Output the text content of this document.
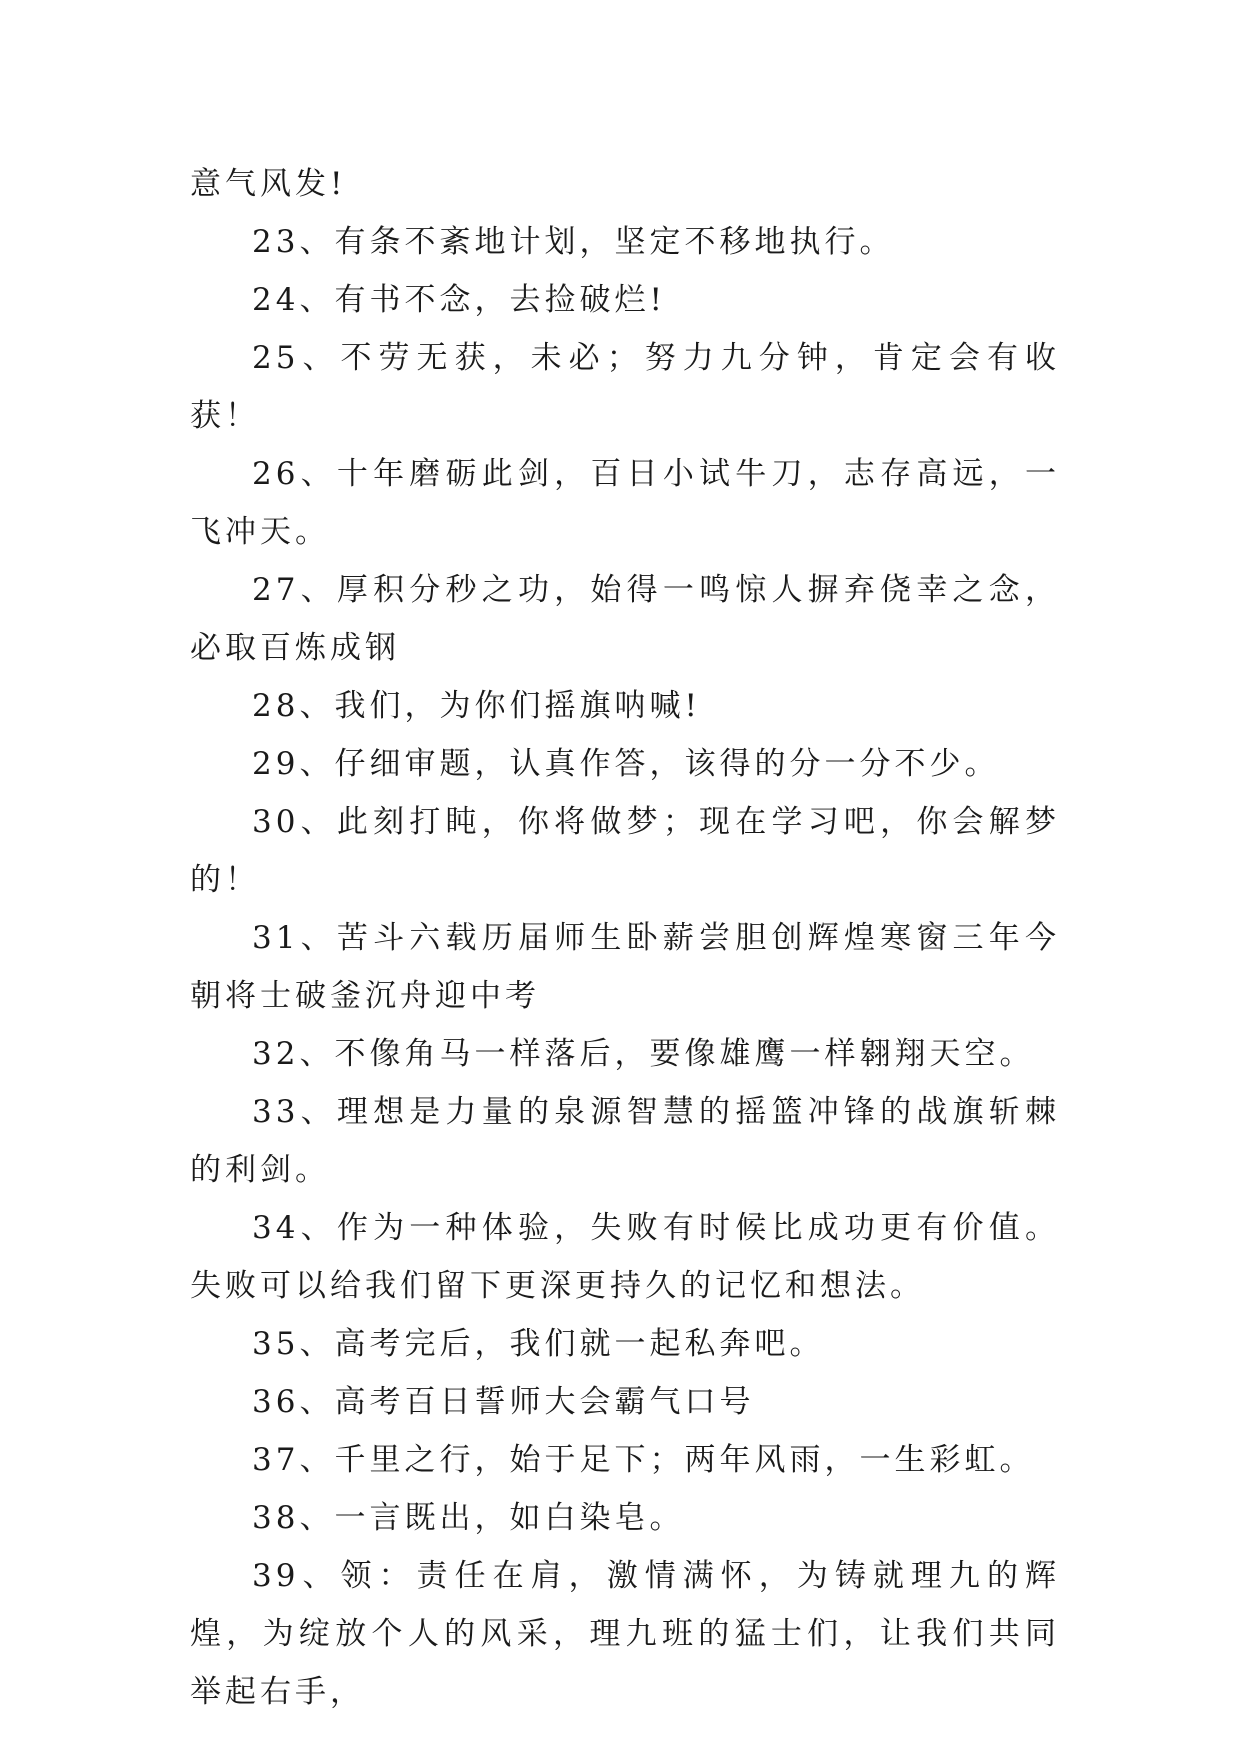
意气风发!

23、有条不紊地计划，坚定不移地执行。

24、有书不念，去捡破烂!

25、不劳无获，未必；努力九分钟，肯定会有收获！

26、十年磨砺此剑，百日小试牛刀，志存高远，一飞冲天。

27、厚积分秒之功，始得一鸣惊人摒弃侥幸之念，必取百炼成钢

28、我们，为你们摇旗呐喊!

29、仔细审题，认真作答，该得的分一分不少。

30、此刻打盹，你将做梦；现在学习吧，你会解梦的！

31、苦斗六载历届师生卧薪尝胆创辉煌寒窗三年今朝将士破釜沉舟迎中考

32、不像角马一样落后，要像雄鹰一样翱翔天空。

33、理想是力量的泉源智慧的摇篮冲锋的战旗斩棘的利剑。

34、作为一种体验，失败有时候比成功更有价值。失败可以给我们留下更深更持久的记忆和想法。

35、高考完后，我们就一起私奔吧。

36、高考百日誓师大会霸气口号

37、千里之行，始于足下；两年风雨，一生彩虹。

38、一言既出，如白染皂。

39、领：责任在肩，激情满怀，为铸就理九的辉煌，为绽放个人的风采，理九班的猛士们，让我们共同举起右手，
